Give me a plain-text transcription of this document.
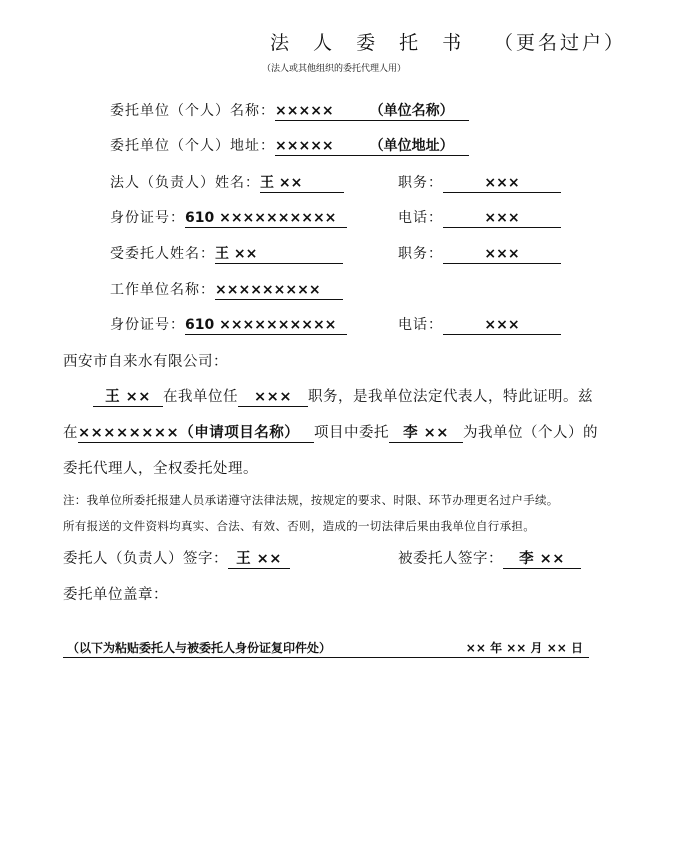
法 人 委 托 书 （更名过户）
（法人或其他组织的委托代理人用）
委托单位（个人）名称：×××××	（单位名称）
委托单位（个人）地址：×××××	（单位地址）
法人（负责人）姓名：王 ××	职务：	×××
身份证号：610 ××××××××××	电话：	×××
受委托人姓名：王 ××	职务：	×××
工作单位名称：×××××××××
身份证号：610 ××××××××××	电话：	×××
西安市自来水有限公司：
王 ×× 在我单位任 ××× 职务，是我单位法定代表人，特此证明。兹
在××××××××（申请项目名称） 项目中委托 李 ×× 为我单位（个人）的
委托代理人，全权委托处理。
注：我单位所委托报建人员承诺遵守法律法规，按规定的要求、时限、环节办理更名过户手续。
所有报送的文件资料均真实、合法、有效、否则，造成的一切法律后果由我单位自行承担。
委托人（负责人）签字： 王 ××	被委托人签字： 李 ××
委托单位盖章：
（以下为粘贴委托人与被委托人身份证复印件处）	×× 年 ×× 月 ×× 日
